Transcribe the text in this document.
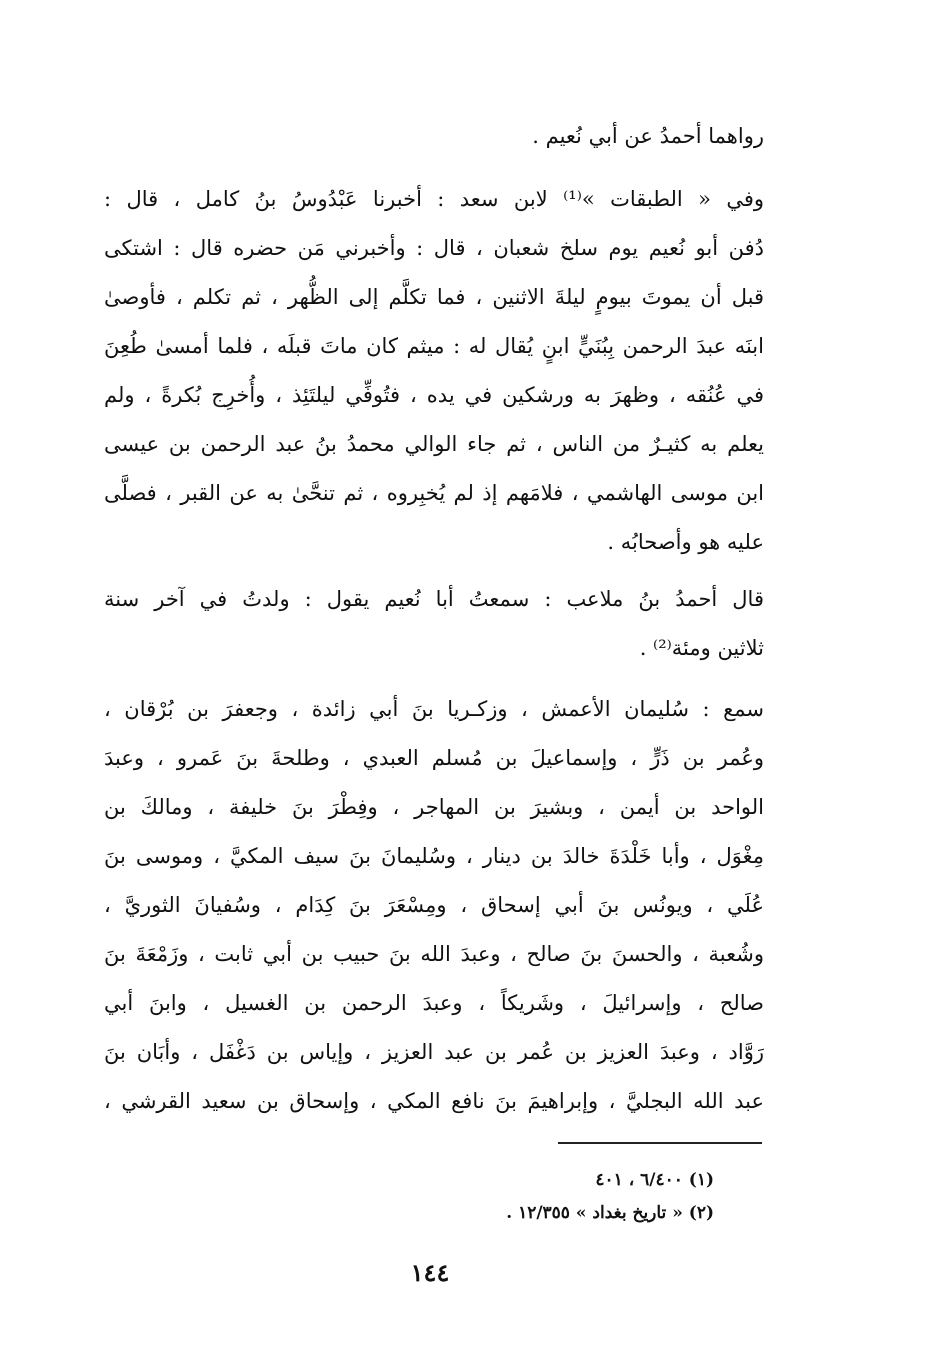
رواهما أحمدُ عن أبي نُعيم .
وفي « الطبقات »⁽¹⁾ لابن سعد : أخبرنا عَبْدُوسُ بنُ كامل ، قال :
دُفن أبو نُعيم يوم سلخ شعبان ، قال : وأخبرني مَن حضره قال : اشتكى
قبل أن يموتَ بيومٍ ليلةَ الاثنين ، فما تكلَّم إلى الظُّهر ، ثم تكلم ، فأوصىٰ
ابنَه عبدَ الرحمن بِبُنَيٍّ ابنٍ يُقال له : ميثم كان ماتَ قبلَه ، فلما أمسىٰ طُعِنَ
في عُنُقه ، وظهرَ به ورشكين في يده ، فتُوفِّي ليلتَئِذ ، وأُخرِج بُكرةً ، ولم
يعلم به كثيـرٌ من الناس ، ثم جاء الوالي محمدُ بنُ عبد الرحمن بن عيسى
ابن موسى الهاشمي ، فلامَهم إذ لم يُخبِروه ، ثم تنحَّىٰ به عن القبر ، فصلَّى
عليه هو وأصحابُه .
قال أحمدُ بنُ ملاعب : سمعتُ أبا نُعيم يقول : ولدتُ في آخر سنة
ثلاثين ومئة⁽²⁾ .
سمع : سُليمان الأعمش ، وزكـريا بنَ أبي زائدة ، وجعفرَ بن بُرْقان ،
وعُمر بن ذَرٍّ ، وإسماعيلَ بن مُسلم العبدي ، وطلحةَ بنَ عَمرو ، وعبدَ
الواحد بن أيمن ، وبشيرَ بن المهاجر ، وفِطْرَ بنَ خليفة ، ومالكَ بن
مِغْوَل ، وأبا خَلْدَةَ خالدَ بن دينار ، وسُليمانَ بنَ سيف المكيَّ ، وموسى بنَ
عُلَي ، ويونُس بنَ أبي إسحاق ، ومِسْعَرَ بنَ كِدَام ، وسُفيانَ الثوريَّ ،
وشُعبة ، والحسنَ بنَ صالح ، وعبدَ الله بنَ حبيب بن أبي ثابت ، وزَمْعَةَ بنَ
صالح ، وإسرائيلَ ، وشَريكاً ، وعبدَ الرحمن بن الغسيل ، وابنَ أبي
رَوَّاد ، وعبدَ العزيز بن عُمر بن عبد العزيز ، وإياس بن دَغْفَل ، وأبَان بنَ
عبد الله البجليَّ ، وإبراهيمَ بنَ نافع المكي ، وإسحاق بن سعيد القرشي ،
(١) ٦/٤٠٠ ، ٤٠١
(٢) « تاريخ بغداد » ١٢/٣٥٥ .
١٤٤
